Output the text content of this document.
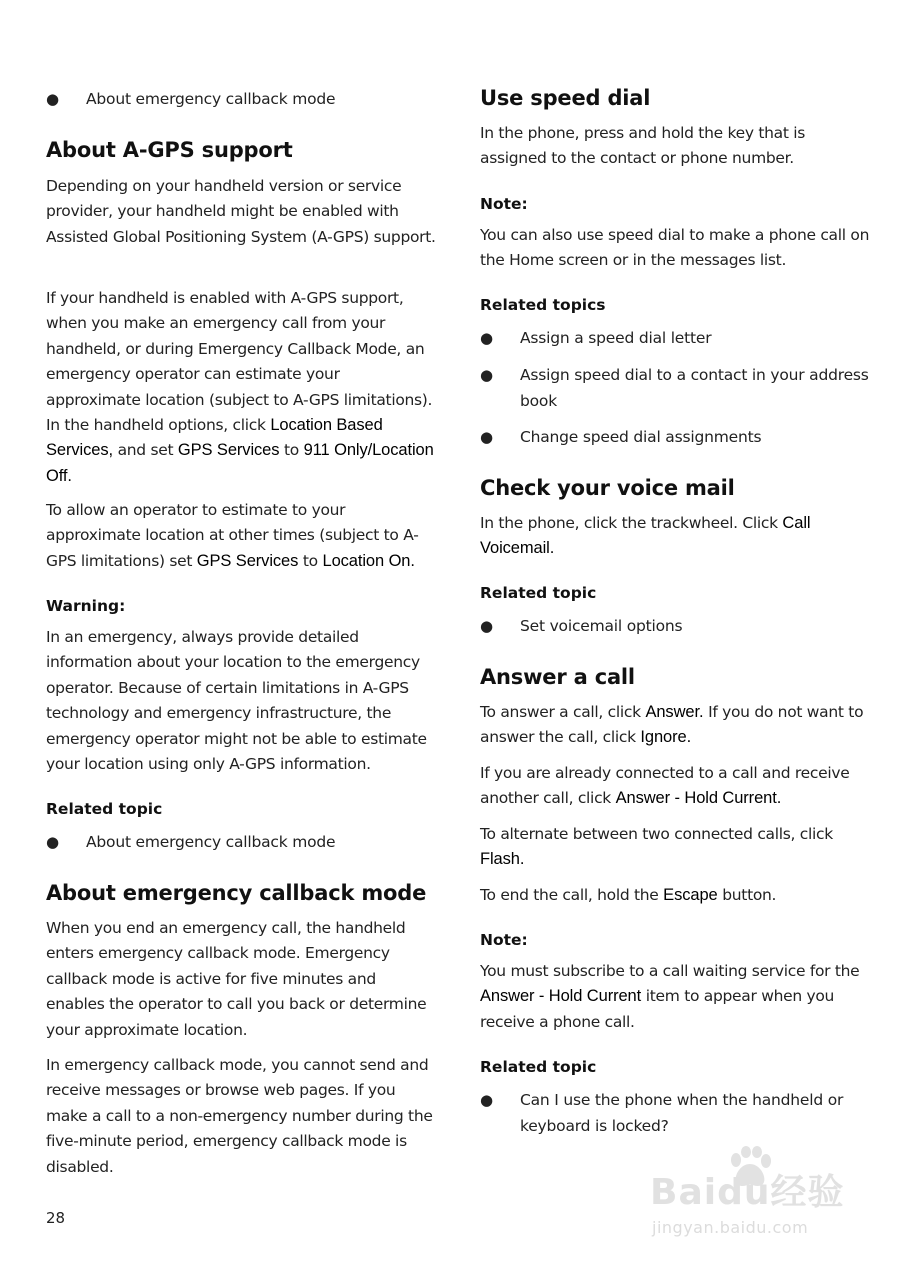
● About emergency callback mode
About A-GPS support
Depending on your handheld version or service provider, your handheld might be enabled with Assisted Global Positioning System (A-GPS) support.
If your handheld is enabled with A-GPS support, when you make an emergency call from your handheld, or during Emergency Callback Mode, an emergency operator can estimate your approximate location (subject to A-GPS limitations). In the handheld options, click Location Based Services, and set GPS Services to 911 Only/Location Off.
To allow an operator to estimate to your approximate location at other times (subject to A-GPS limitations) set GPS Services to Location On.
Warning:
In an emergency, always provide detailed information about your location to the emergency operator. Because of certain limitations in A-GPS technology and emergency infrastructure, the emergency operator might not be able to estimate your location using only A-GPS information.
Related topic
● About emergency callback mode
About emergency callback mode
When you end an emergency call, the handheld enters emergency callback mode. Emergency callback mode is active for five minutes and enables the operator to call you back or determine your approximate location.
In emergency callback mode, you cannot send and receive messages or browse web pages. If you make a call to a non-emergency number during the five-minute period, emergency callback mode is disabled.
Use speed dial
In the phone, press and hold the key that is assigned to the contact or phone number.
Note:
You can also use speed dial to make a phone call on the Home screen or in the messages list.
Related topics
● Assign a speed dial letter
● Assign speed dial to a contact in your address book
● Change speed dial assignments
Check your voice mail
In the phone, click the trackwheel. Click Call Voicemail.
Related topic
● Set voicemail options
Answer a call
To answer a call, click Answer. If you do not want to answer the call, click Ignore.
If you are already connected to a call and receive another call, click Answer - Hold Current.
To alternate between two connected calls, click Flash.
To end the call, hold the Escape button.
Note:
You must subscribe to a call waiting service for the Answer - Hold Current item to appear when you receive a phone call.
Related topic
● Can I use the phone when the handheld or keyboard is locked?
28
Baidu经验
jingyan.baidu.com
